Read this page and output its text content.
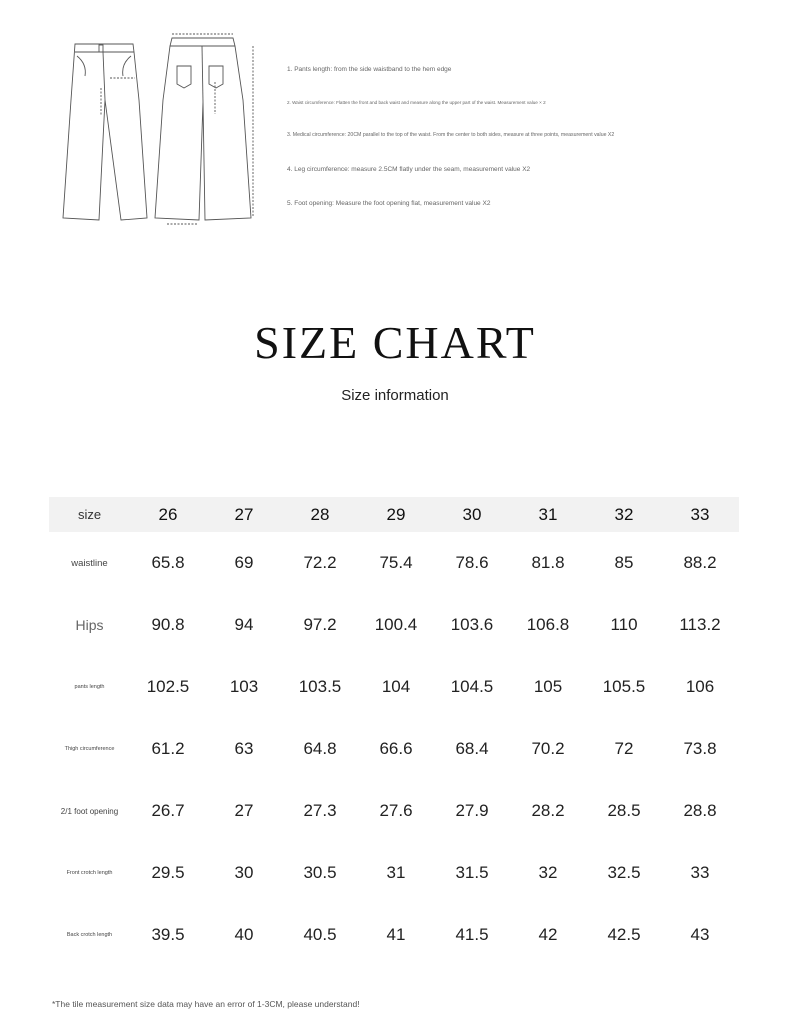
1. Pants length: from the side waistband to the hem edge
2. Waist circumference: Flatten the front and back waist and measure along the upper part of the waist. Measurement value × 2
3. Medical circumference: 20CM parallel to the top of the waist. From the center to both sides, measure at three points, measurement value X2
4. Leg circumference: measure 2.5CM flatly under the seam, measurement value X2
5. Foot opening: Measure the foot opening flat, measurement value X2
SIZE CHART
Size information
size	26	27	28	29	30	31	32	33
waistline	65.8	69	72.2	75.4	78.6	81.8	85	88.2
Hips	90.8	94	97.2	100.4	103.6	106.8	110	113.2
pants length	102.5	103	103.5	104	104.5	105	105.5	106
Thigh circumference	61.2	63	64.8	66.6	68.4	70.2	72	73.8
2/1 foot opening	26.7	27	27.3	27.6	27.9	28.2	28.5	28.8
Front crotch length	29.5	30	30.5	31	31.5	32	32.5	33
Back crotch length	39.5	40	40.5	41	41.5	42	42.5	43
*The tile measurement size data may have an error of 1-3CM, please understand!
